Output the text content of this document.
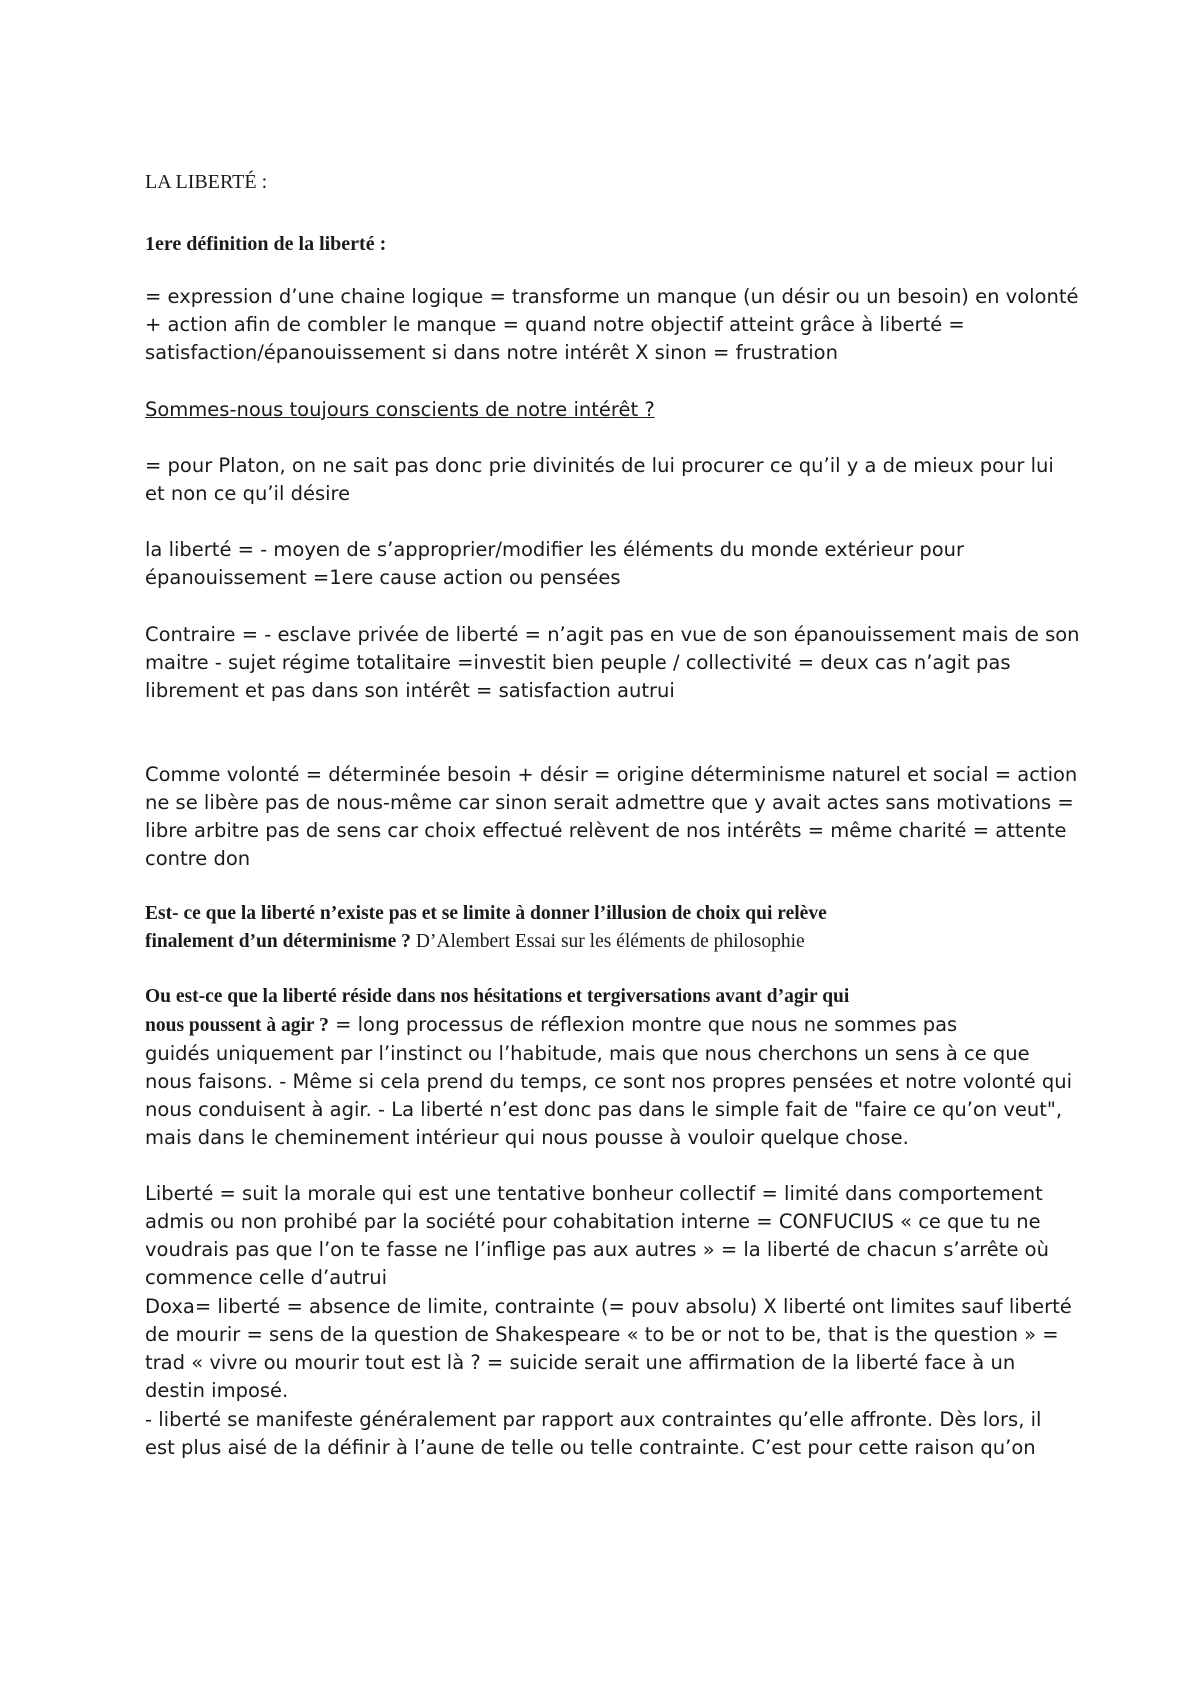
LA LIBERTÉ :

1ere définition de la liberté :

= expression d’une chaine logique = transforme un manque (un désir ou un besoin) en volonté
+ action afin de combler le manque = quand notre objectif atteint grâce à liberté =
satisfaction/épanouissement si dans notre intérêt X sinon = frustration
Sommes-nous toujours conscients de notre intérêt ?
= pour Platon, on ne sait pas donc prie divinités de lui procurer ce qu’il y a de mieux pour lui
et non ce qu’il désire
la liberté = - moyen de s’approprier/modifier les éléments du monde extérieur pour
épanouissement =1ere cause action ou pensées
Contraire = - esclave privée de liberté = n’agit pas en vue de son épanouissement mais de son
maitre - sujet régime totalitaire =investit bien peuple / collectivité = deux cas n’agit pas
librement et pas dans son intérêt = satisfaction autrui
Comme volonté = déterminée besoin + désir = origine déterminisme naturel et social = action
ne se libère pas de nous-même car sinon serait admettre que y avait actes sans motivations =
libre arbitre pas de sens car choix effectué relèvent de nos intérêts = même charité = attente
contre don
Est- ce que la liberté n’existe pas et se limite à donner l’illusion de choix qui relève
finalement d’un déterminisme ? D’Alembert Essai sur les éléments de philosophie
Ou est-ce que la liberté réside dans nos hésitations et tergiversations avant d’agir qui
nous poussent à agir ? = long processus de réflexion montre que nous ne sommes pas
guidés uniquement par l’instinct ou l’habitude, mais que nous cherchons un sens à ce que
nous faisons. - Même si cela prend du temps, ce sont nos propres pensées et notre volonté qui
nous conduisent à agir. - La liberté n’est donc pas dans le simple fait de "faire ce qu’on veut",
mais dans le cheminement intérieur qui nous pousse à vouloir quelque chose.
Liberté = suit la morale qui est une tentative bonheur collectif = limité dans comportement
admis ou non prohibé par la société pour cohabitation interne = CONFUCIUS « ce que tu ne
voudrais pas que l’on te fasse ne l’inflige pas aux autres » = la liberté de chacun s’arrête où
commence celle d’autrui
Doxa= liberté = absence de limite, contrainte (= pouv absolu) X liberté ont limites sauf liberté
de mourir = sens de la question de Shakespeare « to be or not to be, that is the question » =
trad « vivre ou mourir tout est là ? = suicide serait une affirmation de la liberté face à un
destin imposé.
- liberté se manifeste généralement par rapport aux contraintes qu’elle affronte. Dès lors, il
est plus aisé de la définir à l’aune de telle ou telle contrainte. C’est pour cette raison qu’on
